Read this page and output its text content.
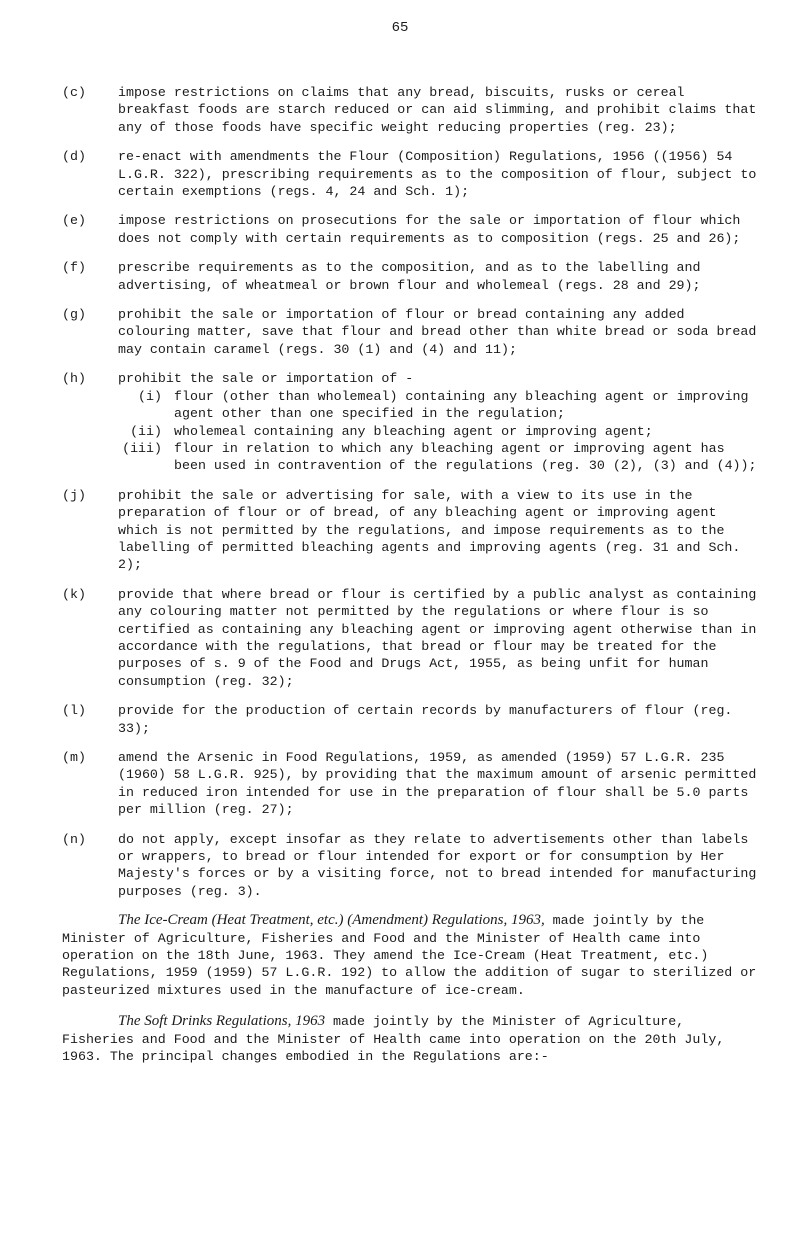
65
(c)	impose restrictions on claims that any bread, biscuits, rusks or cereal breakfast foods are starch reduced or can aid slimming, and prohibit claims that any of those foods have specific weight reducing properties (reg. 23);
(d)	re-enact with amendments the Flour (Composition) Regulations, 1956 ((1956) 54 L.G.R. 322), prescribing requirements as to the composition of flour, subject to certain exemptions (regs. 4, 24 and Sch. 1);
(e)	impose restrictions on prosecutions for the sale or importation of flour which does not comply with certain requirements as to composition (regs. 25 and 26);
(f)	prescribe requirements as to the composition, and as to the labelling and advertising, of wheatmeal or brown flour and wholemeal (regs. 28 and 29);
(g)	prohibit the sale or importation of flour or bread containing any added colouring matter, save that flour and bread other than white bread or soda bread may contain caramel (regs. 30 (1) and (4) and 11);
(h)	prohibit the sale or importation of -
(i) flour (other than wholemeal) containing any bleaching agent or improving agent other than one specified in the regulation;
(ii) wholemeal containing any bleaching agent or improving agent;
(iii) flour in relation to which any bleaching agent or improving agent has been used in contravention of the regulations (reg. 30 (2), (3) and (4));
(j)	prohibit the sale or advertising for sale, with a view to its use in the preparation of flour or of bread, of any bleaching agent or improving agent which is not permitted by the regulations, and impose requirements as to the labelling of permitted bleaching agents and improving agents (reg. 31 and Sch. 2);
(k)	provide that where bread or flour is certified by a public analyst as containing any colouring matter not permitted by the regulations or where flour is so certified as containing any bleaching agent or improving agent otherwise than in accordance with the regulations, that bread or flour may be treated for the purposes of s. 9 of the Food and Drugs Act, 1955, as being unfit for human consumption (reg. 32);
(l)	provide for the production of certain records by manufacturers of flour (reg. 33);
(m)	amend the Arsenic in Food Regulations, 1959, as amended (1959) 57 L.G.R. 235 (1960) 58 L.G.R. 925), by providing that the maximum amount of arsenic permitted in reduced iron intended for use in the preparation of flour shall be 5.0 parts per million (reg. 27);
(n)	do not apply, except insofar as they relate to advertisements other than labels or wrappers, to bread or flour intended for export or for consumption by Her Majesty's forces or by a visiting force, not to bread intended for manufacturing purposes (reg. 3).
The Ice-Cream (Heat Treatment, etc.) (Amendment) Regulations, 1963, made jointly by the Minister of Agriculture, Fisheries and Food and the Minister of Health came into operation on the 18th June, 1963. They amend the Ice-Cream (Heat Treatment, etc.) Regulations, 1959 (1959) 57 L.G.R. 192) to allow the addition of sugar to sterilized or pasteurized mixtures used in the manufacture of ice-cream.
The Soft Drinks Regulations, 1963 made jointly by the Minister of Agriculture, Fisheries and Food and the Minister of Health came into operation on the 20th July, 1963. The principal changes embodied in the Regulations are:-
